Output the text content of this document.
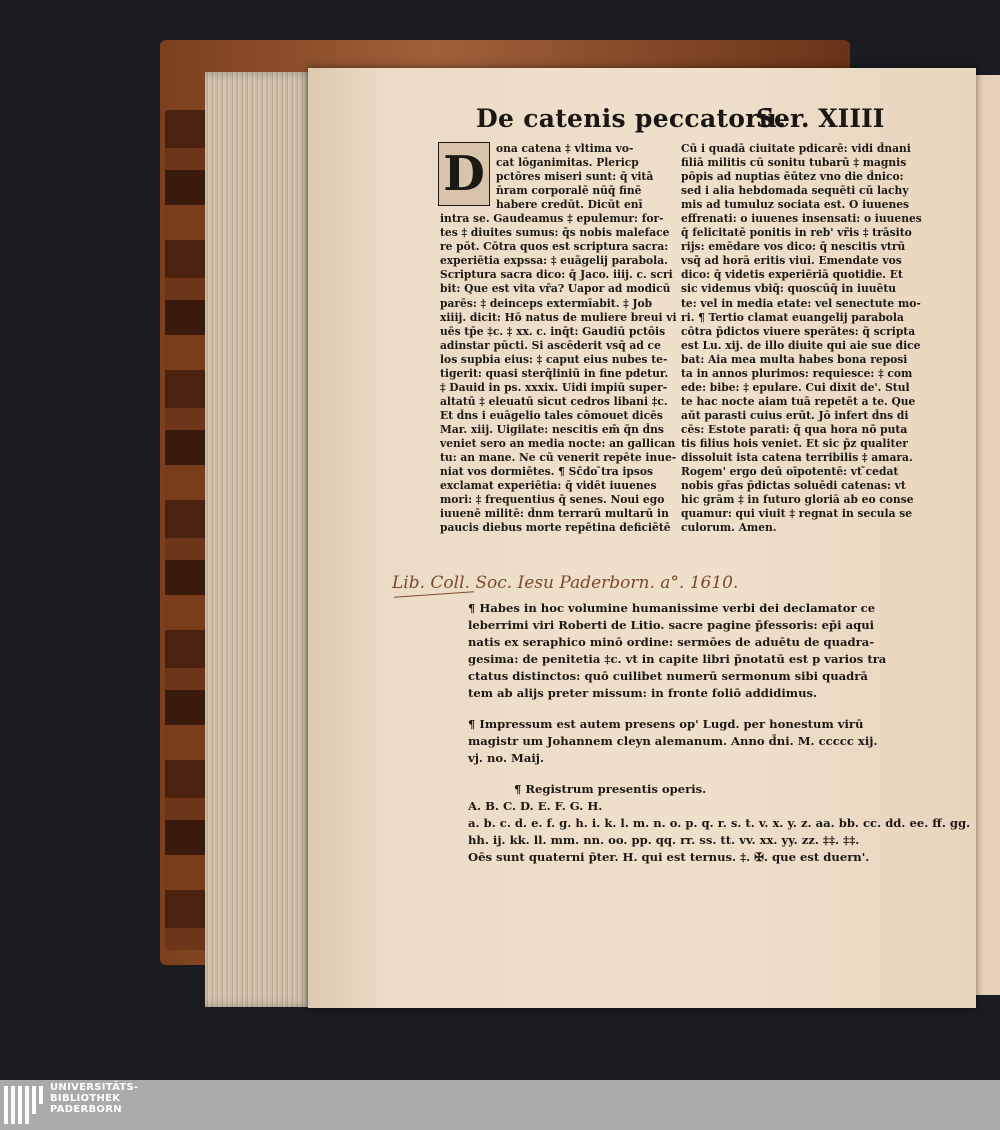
De catenis peccatorū.
Ser. XIIII
D	ona catena ‡ vltima vo-
cat lōganimitas. Plericp
pctōres miseri sunt: q̄ vitā
n̄ram corporalē nūq̄ finē
habere credūt. Dicūt enī
intra se. Gaudeamus ‡ epulemur: for-
tes ‡ diuites sumus: q̄s nobis maleface
re pōt. Cōtra quos est scriptura sacra:
experiētia expssa: ‡ euāgelij parabola.
Scriptura sacra dico: q̄ Jaco. iiij. c. scri
bit: Que est vita vr̄a? Uapor ad modicū
parēs: ‡ deinceps extermīabit. ‡ Job
xiiij. dicit: Hō natus de muliere breui vi
uēs tp̄e ‡c. ‡ xx. c. inq̄t: Gaudiū pctōis
adinstar pūcti. Si ascēderit vsq̄ ad ce
los supbia eius: ‡ caput eius nubes te-
tigerit: quasi sterq̄liniū in fine pdetur.
‡ Dauid in ps. xxxix. Uidi impiū super-
altatū ‡ eleuatū sicut cedros libani ‡c.
Et d̄ns i euāgelio tales cōmouet dicēs
Mar. xiij. Uigilate: nescitis em̄ q̄n d̄ns
veniet sero an media nocte: an gallican
tu: an mane. Ne cū venerit repēte inue-
niat vos dormiētes. ¶ Sc̄do ̄tra ipsos
exclamat experiētia: q̄ vidēt iuuenes
mori: ‡ frequentius q̄ senes. Noui ego
iuuenē militē: d̄nm terrarū multarū in
paucis diebus morte repētina deficiētē
Cū i quadā ciuitate pdicarē: vidi d̄nani
filiā militis cū sonitu tubarū ‡ magnis
pōpis ad nuptias ēūtez vno die d̄nico:
sed i alia hebdomada sequēti cū lachy
mis ad tumuluz sociata est. O iuuenes
effrenati: o iuuenes insensati: o iuuenes
q̄ felicitatē ponitis in reb' vr̄is ‡ trāsito
rijs: emēdare vos dico: q̄ nescitis vtrū
vsq̄ ad horā eritis viui. Emendate vos
dico: q̄ videtis experiēriā quotidie. Et
sic videmus vbiq̄: quoscūq̄ in iuuētu
te: vel in media etate: vel senectute mo-
ri. ¶ Tertio clamat euangelij parabola
cōtra p̄dictos viuere sperātes: q̄ scripta
est Lu. xij. de illo diuite qui aie sue dice
bat: Aia mea multa habes bona reposi
ta in annos plurimos: requiesce: ‡ com
ede: bibe: ‡ epulare. Cui dixit de'. Stul
te hac nocte aiam tuā repetēt a te. Que
aūt parasti cuius erūt. Jō infert d̄ns di
cēs: Estote parati: q̄ qua hora nō puta
tis filius hois veniet. Et sic p̄z qualiter
dissoluit ista catena terribilis ‡ amara.
Rogem' ergo deū oīpotentē: vt ̄cedat
nobis gr̄as p̄dictas soluēdi catenas: vt
hic grām ‡ in futuro gloriā ab eo conse
quamur: qui viuit ‡ regnat in secula se
culorum. Amen.
Lib. Coll. Soc. Iesu Paderborn. a°. 1610.
¶ Habes in hoc volumine humanissime verbi dei declamator ce
leberrimi viri Roberti de Litio. sacre pagine p̄fessoris: ep̄i aqui
natis ex seraphico minō ordine: sermōes de aduētu de quadra-
gesima: de penitetia ‡c. vt in capite libri p̄notatū est p varios tra
ctatus distinctos: quō cuilibet numerū sermonum sibi quadrā
tem ab alijs preter missum: in fronte foliō addidimus.
¶ Impressum est autem presens op' Lugd. per honestum virū
magistr um Johannem cleyn alemanum. Anno d̄ni. M. ccccc xij.
vj. no. Maij.
¶ Registrum presentis operis.
A. B. C. D. E. F. G. H.
a. b. c. d. e. f. g. h. i. k. l. m. n. o. p. q. r. s. t. v. x. y. z. aa. bb. cc. dd. ee. ff. gg.
hh. ij. kk. ll. mm. nn. oo. pp. qq. rr. ss. tt. vv. xx. yy. zz. ‡‡. ‡‡.
Oēs sunt quaterni p̄ter. H. qui est ternus. ‡. ✠. que est duern'.
UNIVERSITÄTS-
BIBLIOTHEK
PADERBORN
